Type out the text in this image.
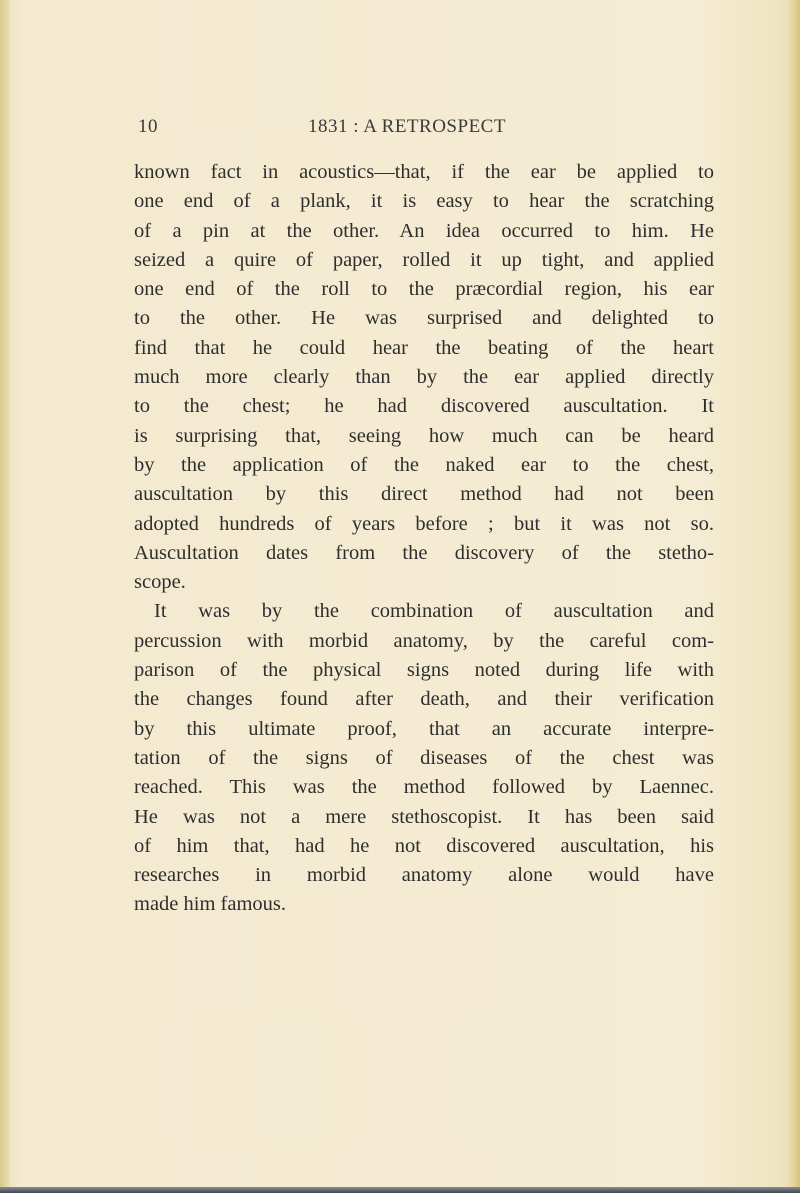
10	1831 : A RETROSPECT
known fact in acoustics—that, if the ear be applied to
one end of a plank, it is easy to hear the scratching
of a pin at the other. An idea occurred to him. He
seized a quire of paper, rolled it up tight, and applied
one end of the roll to the præcordial region, his ear
to the other. He was surprised and delighted to
find that he could hear the beating of the heart
much more clearly than by the ear applied directly
to the chest; he had discovered auscultation. It
is surprising that, seeing how much can be heard
by the application of the naked ear to the chest,
auscultation by this direct method had not been
adopted hundreds of years before ; but it was not so.
Auscultation dates from the discovery of the stetho-
scope.
It was by the combination of auscultation and
percussion with morbid anatomy, by the careful com-
parison of the physical signs noted during life with
the changes found after death, and their verification
by this ultimate proof, that an accurate interpre-
tation of the signs of diseases of the chest was
reached. This was the method followed by Laennec.
He was not a mere stethoscopist. It has been said
of him that, had he not discovered auscultation, his
researches in morbid anatomy alone would have
made him famous.
